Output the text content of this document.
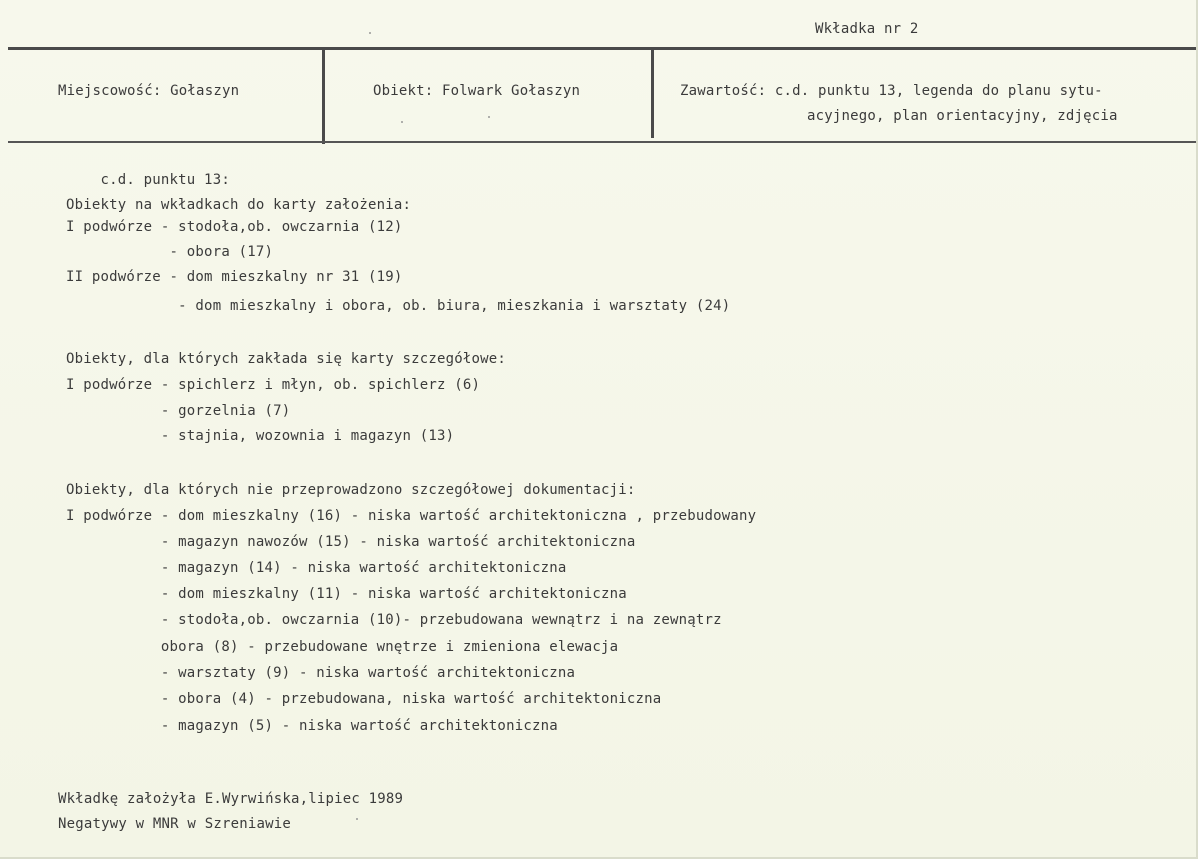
Wkładka nr 2
Miejscowość: Gołaszyn	Obiekt: Folwark Gołaszyn	Zawartość: c.d. punktu 13, legenda do planu sytu-
acyjnego, plan orientacyjny, zdjęcia
c.d. punktu 13:
Obiekty na wkładkach do karty założenia:
I podwórze - stodoła,ob. owczarnia (12)
- obora (17)
II podwórze - dom mieszkalny nr 31 (19)
- dom mieszkalny i obora, ob. biura, mieszkania i warsztaty (24)
Obiekty, dla których zakłada się karty szczegółowe:
I podwórze - spichlerz i młyn, ob. spichlerz (6)
- gorzelnia (7)
- stajnia, wozownia i magazyn (13)
Obiekty, dla których nie przeprowadzono szczegółowej dokumentacji:
I podwórze - dom mieszkalny (16) - niska wartość architektoniczna , przebudowany
- magazyn nawozów (15) - niska wartość architektoniczna
- magazyn (14) - niska wartość architektoniczna
- dom mieszkalny (11) - niska wartość architektoniczna
- stodoła,ob. owczarnia (10)- przebudowana wewnątrz i na zewnątrz
obora (8) - przebudowane wnętrze i zmieniona elewacja
- warsztaty (9) - niska wartość architektoniczna
- obora (4) - przebudowana, niska wartość architektoniczna
- magazyn (5) - niska wartość architektoniczna
Wkładkę założyła E.Wyrwińska,lipiec 1989
Negatywy w MNR w Szreniawie
